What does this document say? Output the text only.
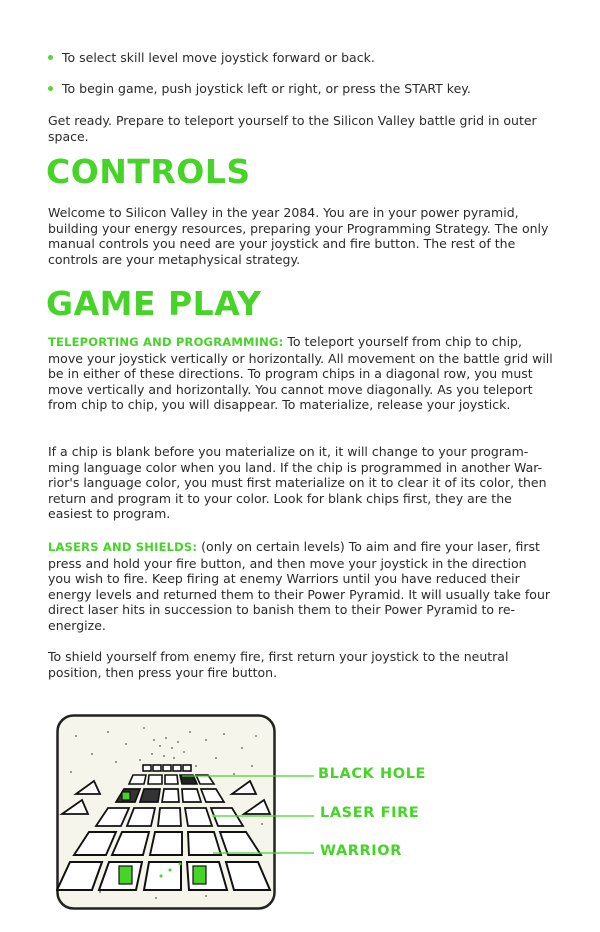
To select skill level move joystick forward or back.
To begin game, push joystick left or right, or press the START key.
Get ready. Prepare to teleport yourself to the Silicon Valley battle grid in outer space.
CONTROLS
Welcome to Silicon Valley in the year 2084. You are in your power pyramid, building your energy resources, preparing your Programming Strategy. The only manual controls you need are your joystick and fire button. The rest of the controls are your metaphysical strategy.
GAME PLAY
TELEPORTING AND PROGRAMMING: To teleport yourself from chip to chip, move your joystick vertically or horizontally. All movement on the battle grid will be in either of these directions. To program chips in a diagonal row, you must move vertically and horizontally. You cannot move diagonally. As you teleport from chip to chip, you will disappear. To materialize, release your joystick.
If a chip is blank before you materialize on it, it will change to your program-ming language color when you land. If the chip is programmed in another War-rior's language color, you must first materialize on it to clear it of its color, then return and program it to your color. Look for blank chips first, they are the easiest to program.
LASERS AND SHIELDS: (only on certain levels) To aim and fire your laser, first press and hold your fire button, and then move your joystick in the direction you wish to fire. Keep firing at enemy Warriors until you have reduced their energy levels and returned them to their Power Pyramid. It will usually take four direct laser hits in succession to banish them to their Power Pyramid to re-energize.
To shield yourself from enemy fire, first return your joystick to the neutral position, then press your fire button.
BLACK HOLE
LASER FIRE
WARRIOR
